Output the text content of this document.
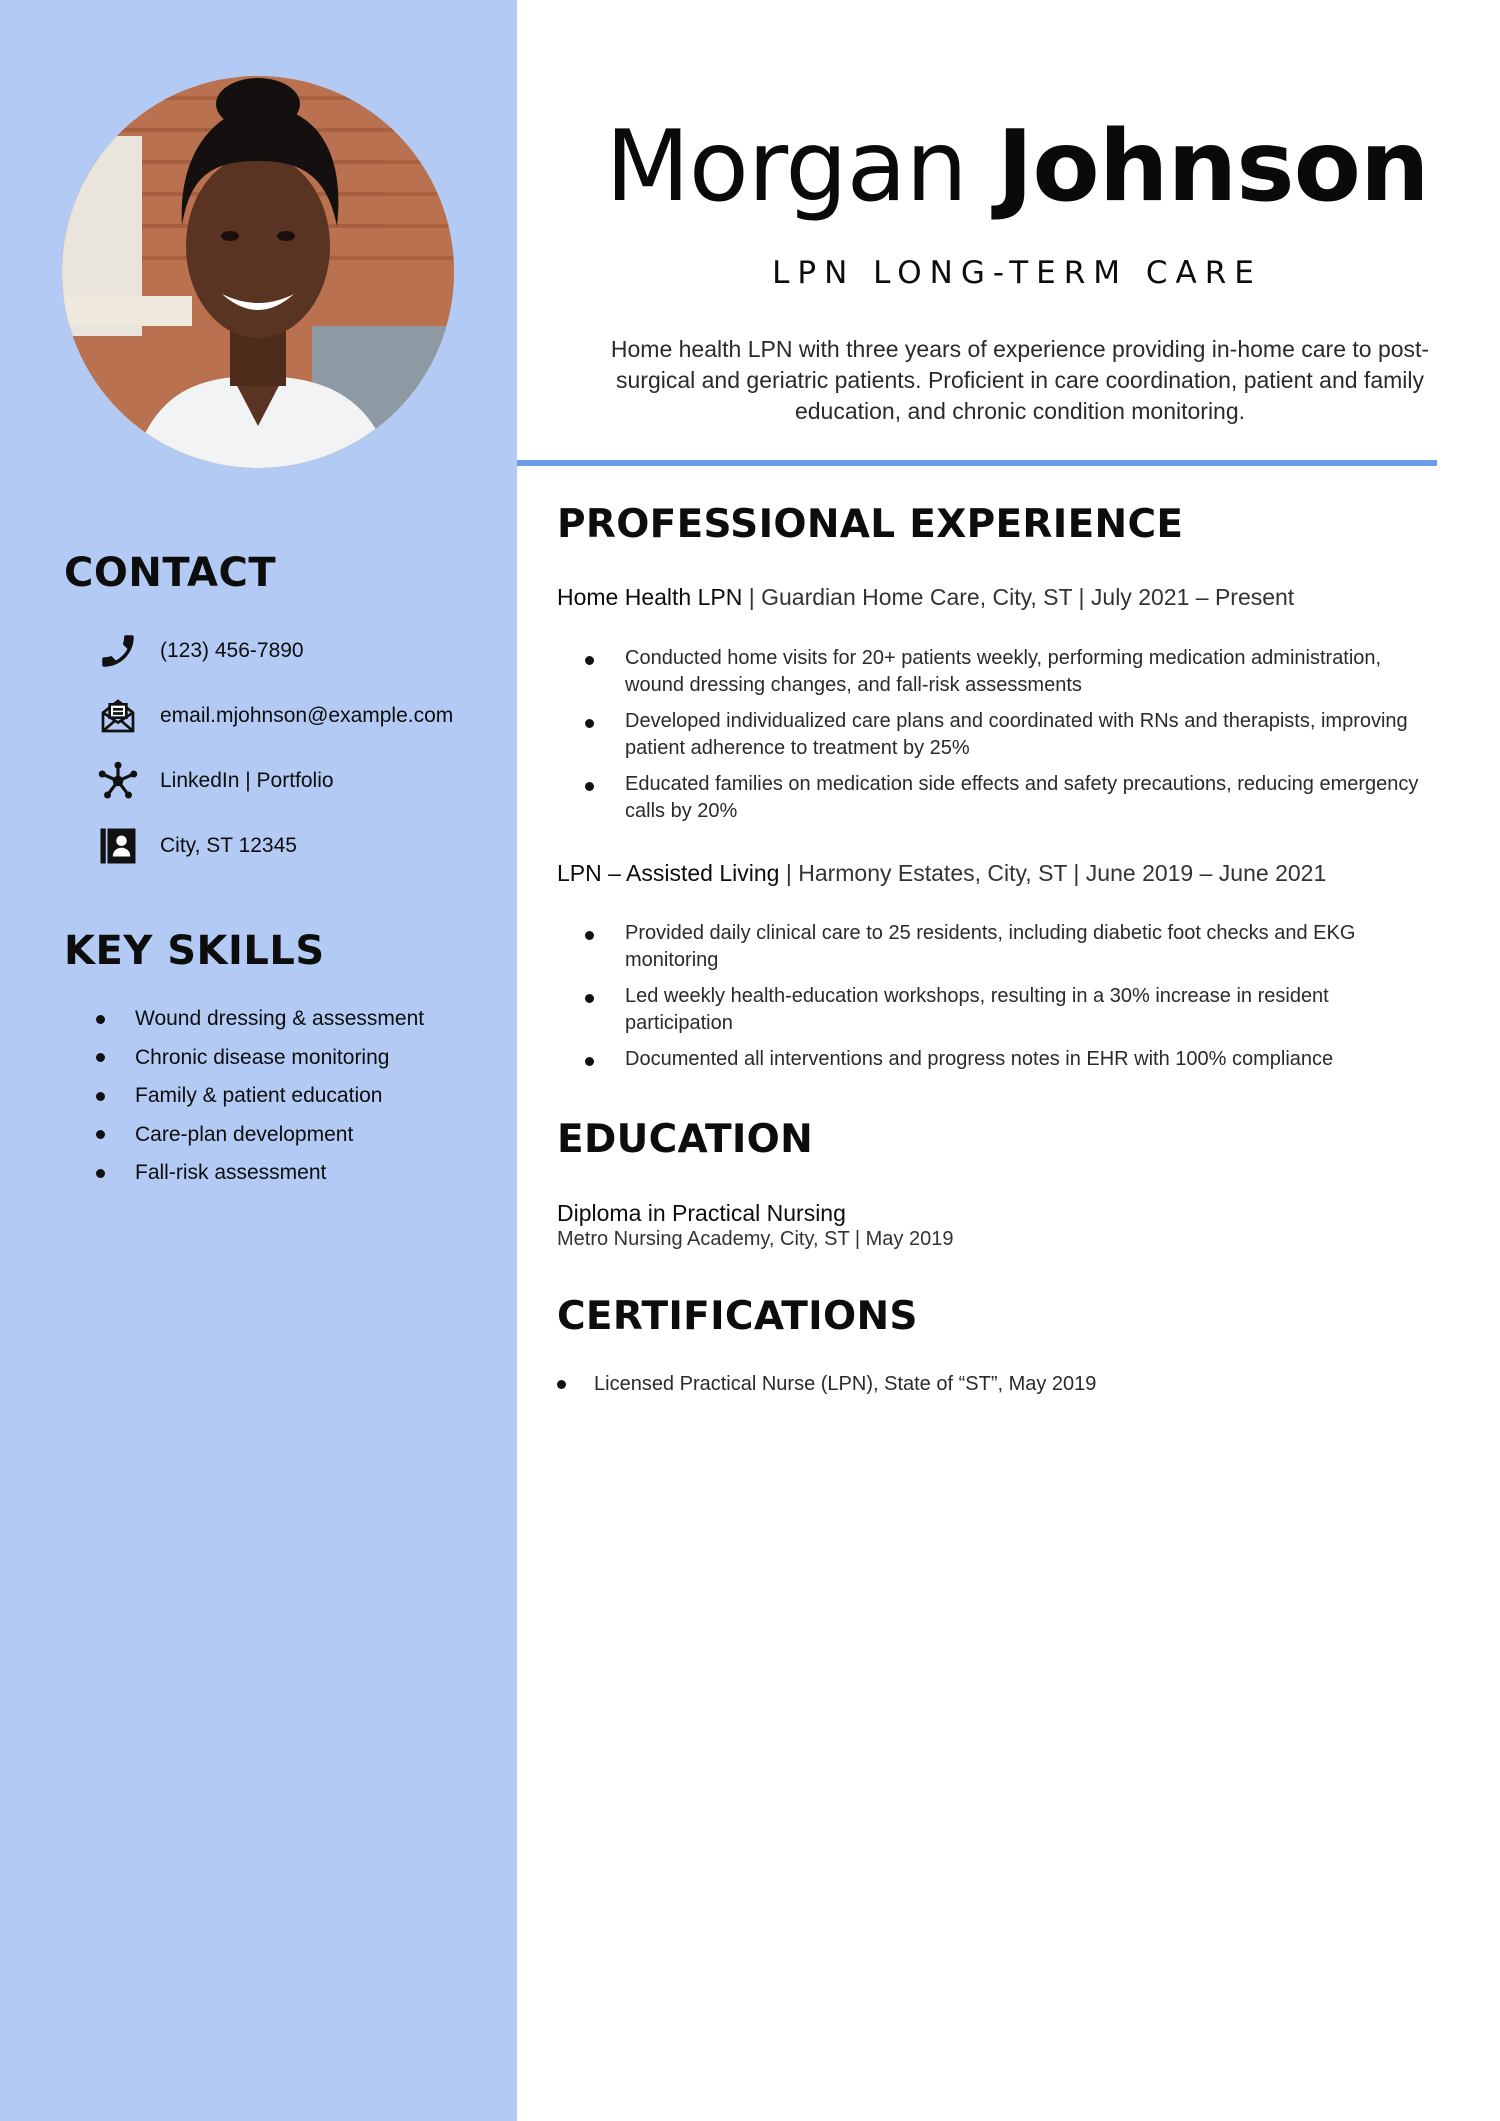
CONTACT
(123) 456-7890
email.mjohnson@example.com
LinkedIn | Portfolio
City, ST 12345
KEY SKILLS
Wound dressing & assessment
Chronic disease monitoring
Family & patient education
Care-plan development
Fall-risk assessment
Morgan Johnson
LPN LONG-TERM CARE
Home health LPN with three years of experience providing in-home care to post-surgical and geriatric patients. Proficient in care coordination, patient and family education, and chronic condition monitoring.
PROFESSIONAL EXPERIENCE
Home Health LPN | Guardian Home Care, City, ST | July 2021 – Present
Conducted home visits for 20+ patients weekly, performing medication administration, wound dressing changes, and fall-risk assessments
Developed individualized care plans and coordinated with RNs and therapists, improving patient adherence to treatment by 25%
Educated families on medication side effects and safety precautions, reducing emergency calls by 20%
LPN – Assisted Living | Harmony Estates, City, ST | June 2019 – June 2021
Provided daily clinical care to 25 residents, including diabetic foot checks and EKG monitoring
Led weekly health-education workshops, resulting in a 30% increase in resident participation
Documented all interventions and progress notes in EHR with 100% compliance
EDUCATION
Diploma in Practical Nursing
Metro Nursing Academy, City, ST | May 2019
CERTIFICATIONS
Licensed Practical Nurse (LPN), State of “ST”, May 2019
